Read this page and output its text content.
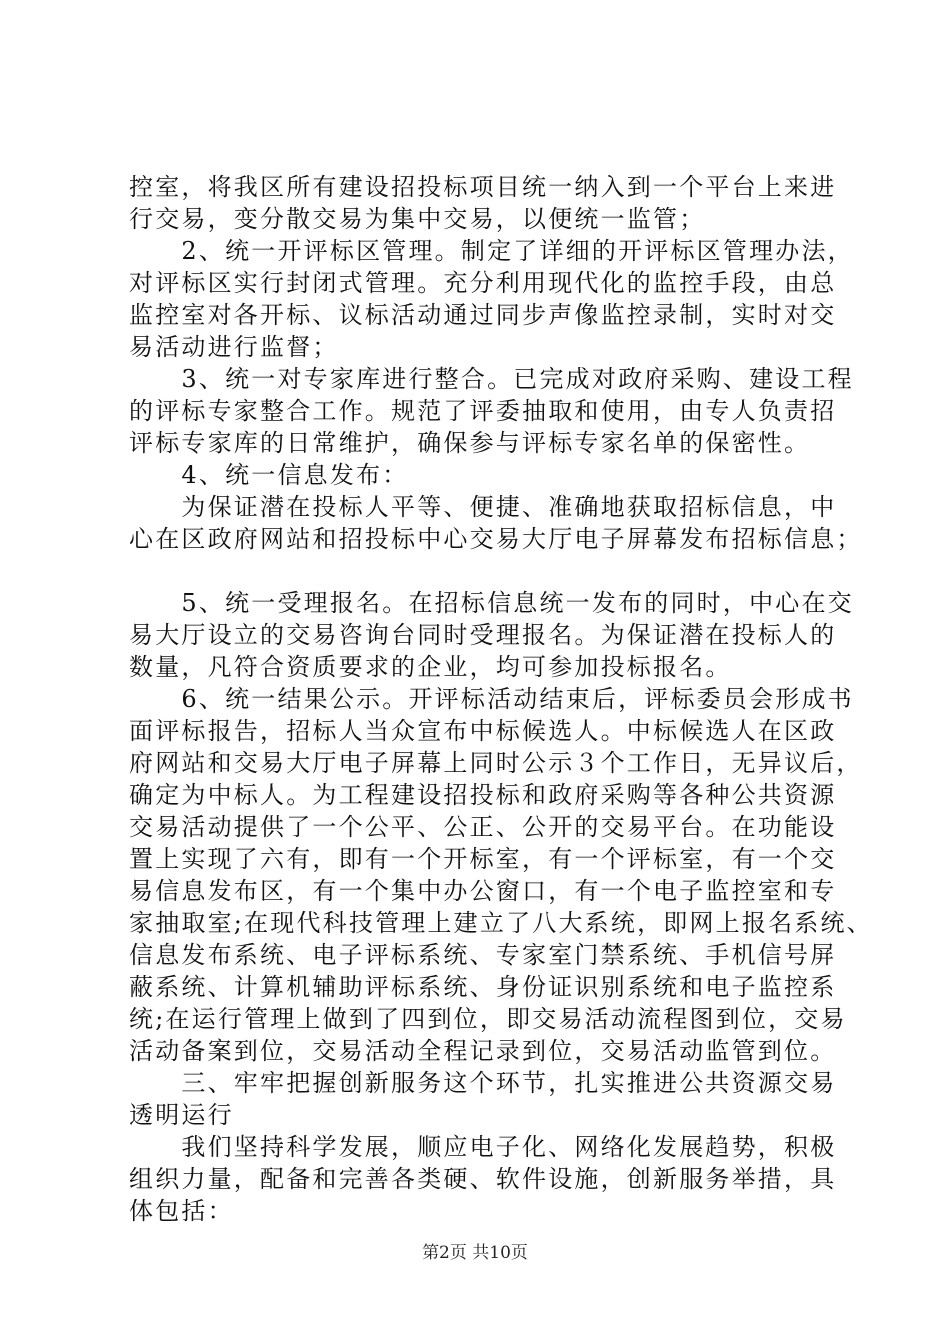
控室，将我区所有建设招投标项目统一纳入到一个平台上来进
行交易，变分散交易为集中交易，以便统一监管；
　　2、统一开评标区管理。制定了详细的开评标区管理办法，
对评标区实行封闭式管理。充分利用现代化的监控手段，由总
监控室对各开标、议标活动通过同步声像监控录制，实时对交
易活动进行监督；
　　3、统一对专家库进行整合。已完成对政府采购、建设工程
的评标专家整合工作。规范了评委抽取和使用，由专人负责招
评标专家库的日常维护，确保参与评标专家名单的保密性。
　　4、统一信息发布：
　　为保证潜在投标人平等、便捷、准确地获取招标信息，中
心在区政府网站和招投标中心交易大厅电子屏幕发布招标信息；
　　5、统一受理报名。在招标信息统一发布的同时，中心在交
易大厅设立的交易咨询台同时受理报名。为保证潜在投标人的
数量，凡符合资质要求的企业，均可参加投标报名。
　　6、统一结果公示。开评标活动结束后，评标委员会形成书
面评标报告，招标人当众宣布中标候选人。中标候选人在区政
府网站和交易大厅电子屏幕上同时公示３个工作日，无异议后，
确定为中标人。为工程建设招投标和政府采购等各种公共资源
交易活动提供了一个公平、公正、公开的交易平台。在功能设
置上实现了六有，即有一个开标室，有一个评标室，有一个交
易信息发布区，有一个集中办公窗口，有一个电子监控室和专
家抽取室;在现代科技管理上建立了八大系统，即网上报名系统、
信息发布系统、电子评标系统、专家室门禁系统、手机信号屏
蔽系统、计算机辅助评标系统、身份证识别系统和电子监控系
统;在运行管理上做到了四到位，即交易活动流程图到位，交易
活动备案到位，交易活动全程记录到位，交易活动监管到位。
　　三、牢牢把握创新服务这个环节，扎实推进公共资源交易
透明运行
　　我们坚持科学发展，顺应电子化、网络化发展趋势，积极
组织力量，配备和完善各类硬、软件设施，创新服务举措，具
体包括：
第2页 共10页
